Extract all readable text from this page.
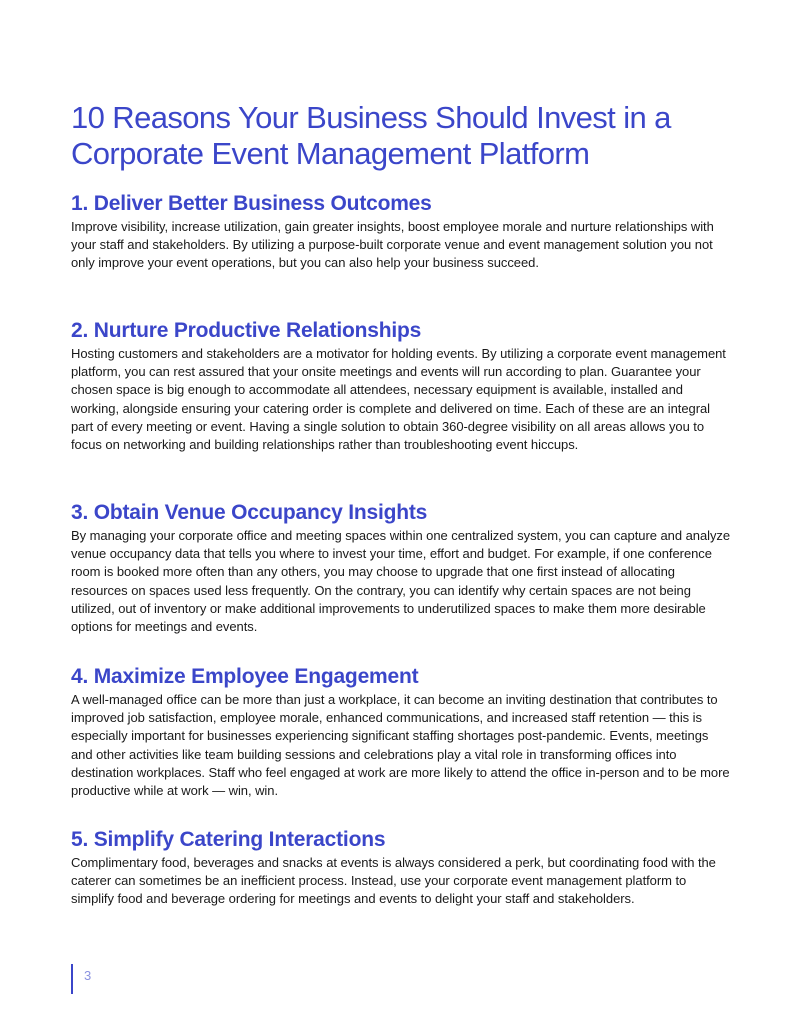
10 Reasons Your Business Should Invest in a Corporate Event Management Platform
1. Deliver Better Business Outcomes

Improve visibility, increase utilization, gain greater insights, boost employee morale and nurture relationships with your staff and stakeholders. By utilizing a purpose-built corporate venue and event management solution you not only improve your event operations, but you can also help your business succeed.

2. Nurture Productive Relationships

Hosting customers and stakeholders are a motivator for holding events. By utilizing a corporate event management platform, you can rest assured that your onsite meetings and events will run according to plan. Guarantee your chosen space is big enough to accommodate all attendees, necessary equipment is available, installed and working, alongside ensuring your catering order is complete and delivered on time. Each of these are an integral part of every meeting or event. Having a single solution to obtain 360-degree visibility on all areas allows you to focus on networking and building relationships rather than troubleshooting event hiccups.

3. Obtain Venue Occupancy Insights

By managing your corporate office and meeting spaces within one centralized system, you can capture and analyze venue occupancy data that tells you where to invest your time, effort and budget. For example, if one conference room is booked more often than any others, you may choose to upgrade that one first instead of allocating resources on spaces used less frequently. On the contrary, you can identify why certain spaces are not being utilized, out of inventory or make additional improvements to underutilized spaces to make them more desirable options for meetings and events.

4. Maximize Employee Engagement

A well-managed office can be more than just a workplace, it can become an inviting destination that contributes to improved job satisfaction, employee morale, enhanced communications, and increased staff retention — this is especially important for businesses experiencing significant staffing shortages post-pandemic. Events, meetings and other activities like team building sessions and celebrations play a vital role in transforming offices into destination workplaces. Staff who feel engaged at work are more likely to attend the office in-person and to be more productive while at work — win, win.

5. Simplify Catering Interactions

Complimentary food, beverages and snacks at events is always considered a perk, but coordinating food with the caterer can sometimes be an inefficient process. Instead, use your corporate event management platform to simplify food and beverage ordering for meetings and events to delight your staff and stakeholders.

3
